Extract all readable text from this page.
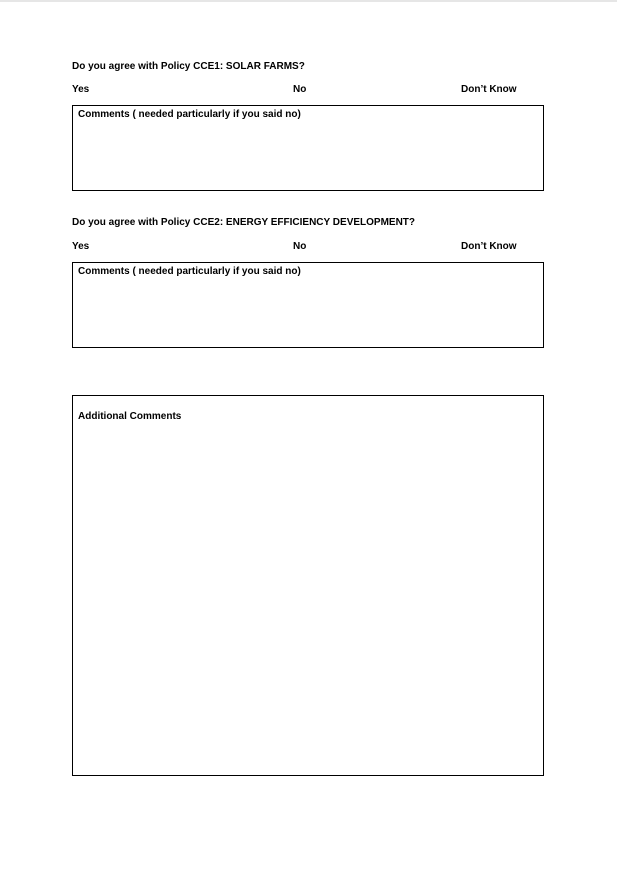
Do you agree with Policy CCE1: SOLAR FARMS?
Yes	No	Don’t Know
Comments ( needed particularly if you said no)
Do you agree with Policy CCE2: ENERGY EFFICIENCY DEVELOPMENT?
Yes	No	Don’t Know
Comments ( needed particularly if you said no)
Additional Comments
